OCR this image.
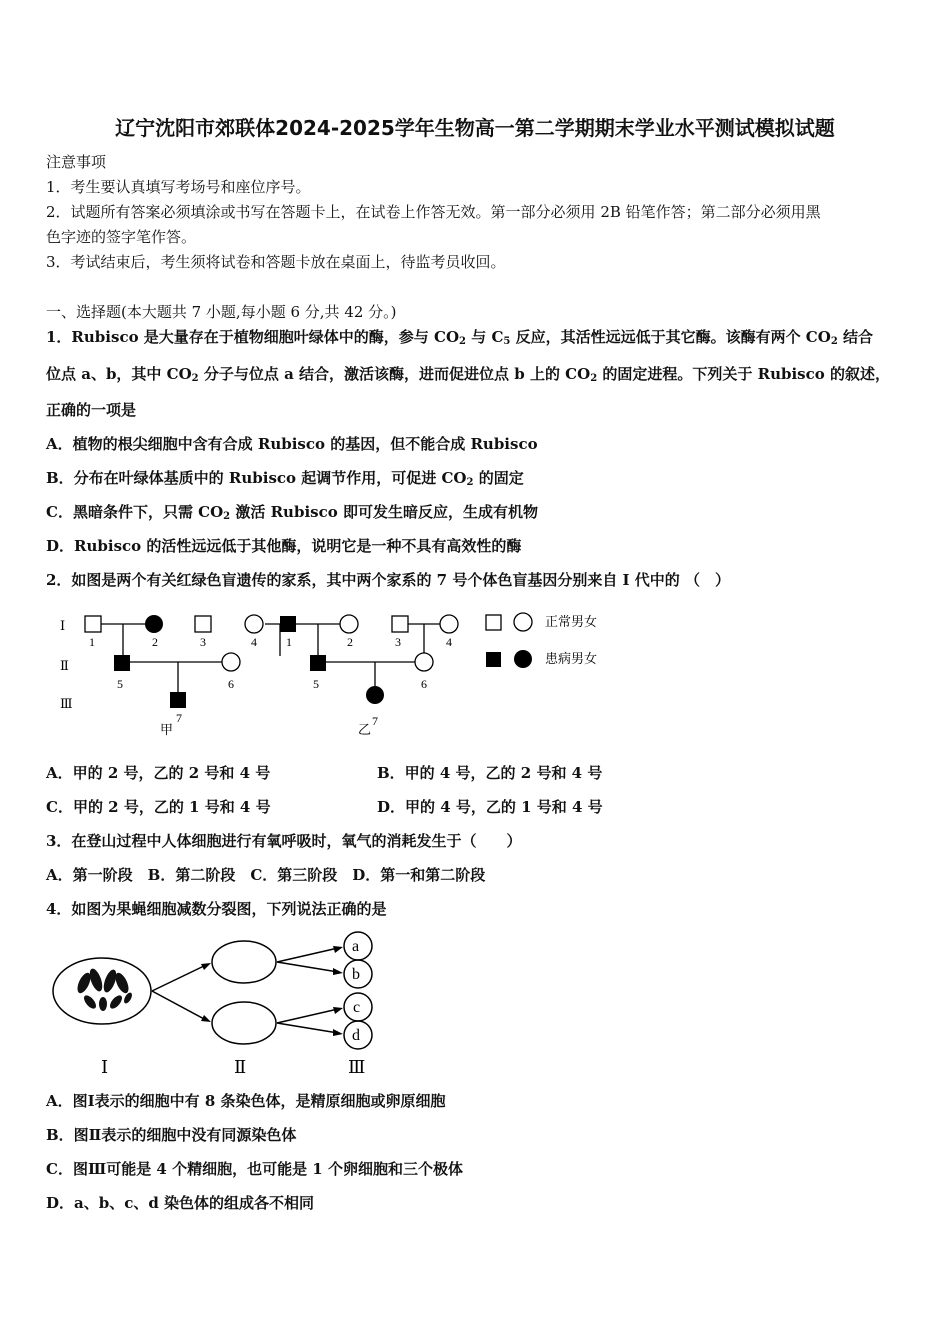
辽宁沈阳市郊联体2024-2025学年生物高一第二学期期末学业水平测试模拟试题
注意事项
1．考生要认真填写考场号和座位序号。
2．试题所有答案必须填涂或书写在答题卡上，在试卷上作答无效。第一部分必须用 2B 铅笔作答；第二部分必须用黑
色字迹的签字笔作答。
3．考试结束后，考生须将试卷和答题卡放在桌面上，待监考员收回。
一、选择题(本大题共 7 小题,每小题 6 分,共 42 分。)
1．Rubisco 是大量存在于植物细胞叶绿体中的酶，参与 $CO_2$ 与 $C_5$ 反应，其活性远远低于其它酶。该酶有两个 $CO_2$ 结合
位点 a、b，其中 $CO_2$ 分子与位点 a 结合，激活该酶，进而促进位点 b 上的 $CO_2$ 的固定进程。下列关于 Rubisco 的叙述，
正确的一项是
A．植物的根尖细胞中含有合成 Rubisco 的基因，但不能合成 Rubisco
B．分布在叶绿体基质中的 Rubisco 起调节作用，可促进 $CO_2$ 的固定
C．黑暗条件下，只需 $CO_2$ 激活 Rubisco 即可发生暗反应，生成有机物
D．Rubisco 的活性远远低于其他酶，说明它是一种不具有高效性的酶
2．如图是两个有关红绿色盲遗传的家系，其中两个家系的 7 号个体色盲基因分别来自 I 代中的 （　）
正常男女
患病男女
Ⅰ
Ⅱ
Ⅲ
1	2	3	4
5	6
7
1	2	3	4
5	6
7
甲	乙
A．甲的 2 号，乙的 2 号和 4 号	B．甲的 4 号，乙的 2 号和 4 号
C．甲的 2 号，乙的 1 号和 4 号	D．甲的 4 号，乙的 1 号和 4 号
3．在登山过程中人体细胞进行有氧呼吸时，氧气的消耗发生于（　　）
A．第一阶段　B．第二阶段　C．第三阶段　D．第一和第二阶段
4．如图为果蝇细胞减数分裂图，下列说法正确的是
a
b
c
d
Ⅰ	Ⅱ	Ⅲ
A．图Ⅰ表示的细胞中有 8 条染色体，是精原细胞或卵原细胞
B．图Ⅱ表示的细胞中没有同源染色体
C．图Ⅲ可能是 4 个精细胞，也可能是 1 个卵细胞和三个极体
D．a、b、c、d 染色体的组成各不相同
